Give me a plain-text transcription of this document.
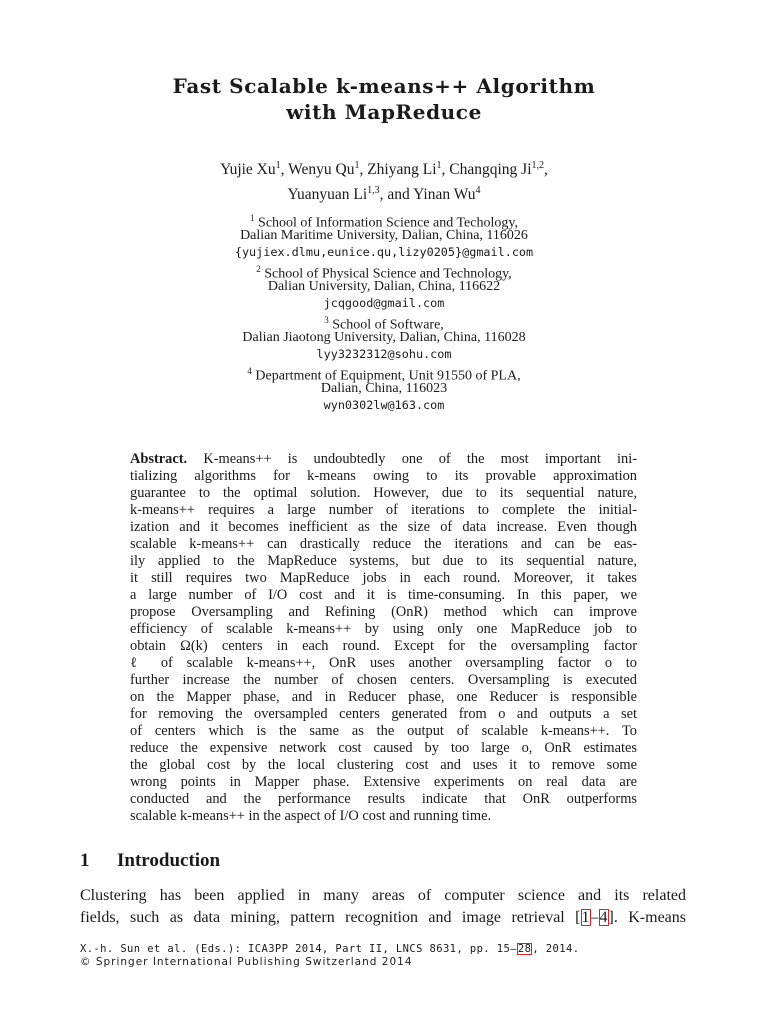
Fast Scalable k-means++ Algorithm
with MapReduce
Yujie Xu$^1$, Wenyu Qu$^1$, Zhiyang Li$^1$, Changqing Ji$^{1,2}$,
Yuanyuan Li$^{1,3}$, and Yinan Wu$^4$
$^1$ School of Information Science and Techology,
Dalian Maritime University, Dalian, China, 116026
{yujiex.dlmu,eunice.qu,lizy0205}@gmail.com
$^2$ School of Physical Science and Technology,
Dalian University, Dalian, China, 116622
jcqgood@gmail.com
$^3$ School of Software,
Dalian Jiaotong University, Dalian, China, 116028
lyy3232312@sohu.com
$^4$ Department of Equipment, Unit 91550 of PLA,
Dalian, China, 116023
wyn0302lw@163.com
Abstract. K-means++ is undoubtedly one of the most important ini-
tializing algorithms for k-means owing to its provable approximation
guarantee to the optimal solution. However, due to its sequential nature,
k-means++ requires a large number of iterations to complete the initial-
ization and it becomes inefficient as the size of data increase. Even though
scalable k-means++ can drastically reduce the iterations and can be eas-
ily applied to the MapReduce systems, but due to its sequential nature,
it still requires two MapReduce jobs in each round. Moreover, it takes
a large number of I/O cost and it is time-consuming. In this paper, we
propose Oversampling and Refining (OnR) method which can improve
efficiency of scalable k-means++ by using only one MapReduce job to
obtain Ω(k) centers in each round. Except for the oversampling factor
ℓ of scalable k-means++, OnR uses another oversampling factor o to
further increase the number of chosen centers. Oversampling is executed
on the Mapper phase, and in Reducer phase, one Reducer is responsible
for removing the oversampled centers generated from o and outputs a set
of centers which is the same as the output of scalable k-means++. To
reduce the expensive network cost caused by too large o, OnR estimates
the global cost by the local clustering cost and uses it to remove some
wrong points in Mapper phase. Extensive experiments on real data are
conducted and the performance results indicate that OnR outperforms
scalable k-means++ in the aspect of I/O cost and running time.
1 Introduction
Clustering has been applied in many areas of computer science and its related
fields, such as data mining, pattern recognition and image retrieval [1–4]. K-means
X.-h. Sun et al. (Eds.): ICA3PP 2014, Part II, LNCS 8631, pp. 15–28, 2014.
© Springer International Publishing Switzerland 2014
